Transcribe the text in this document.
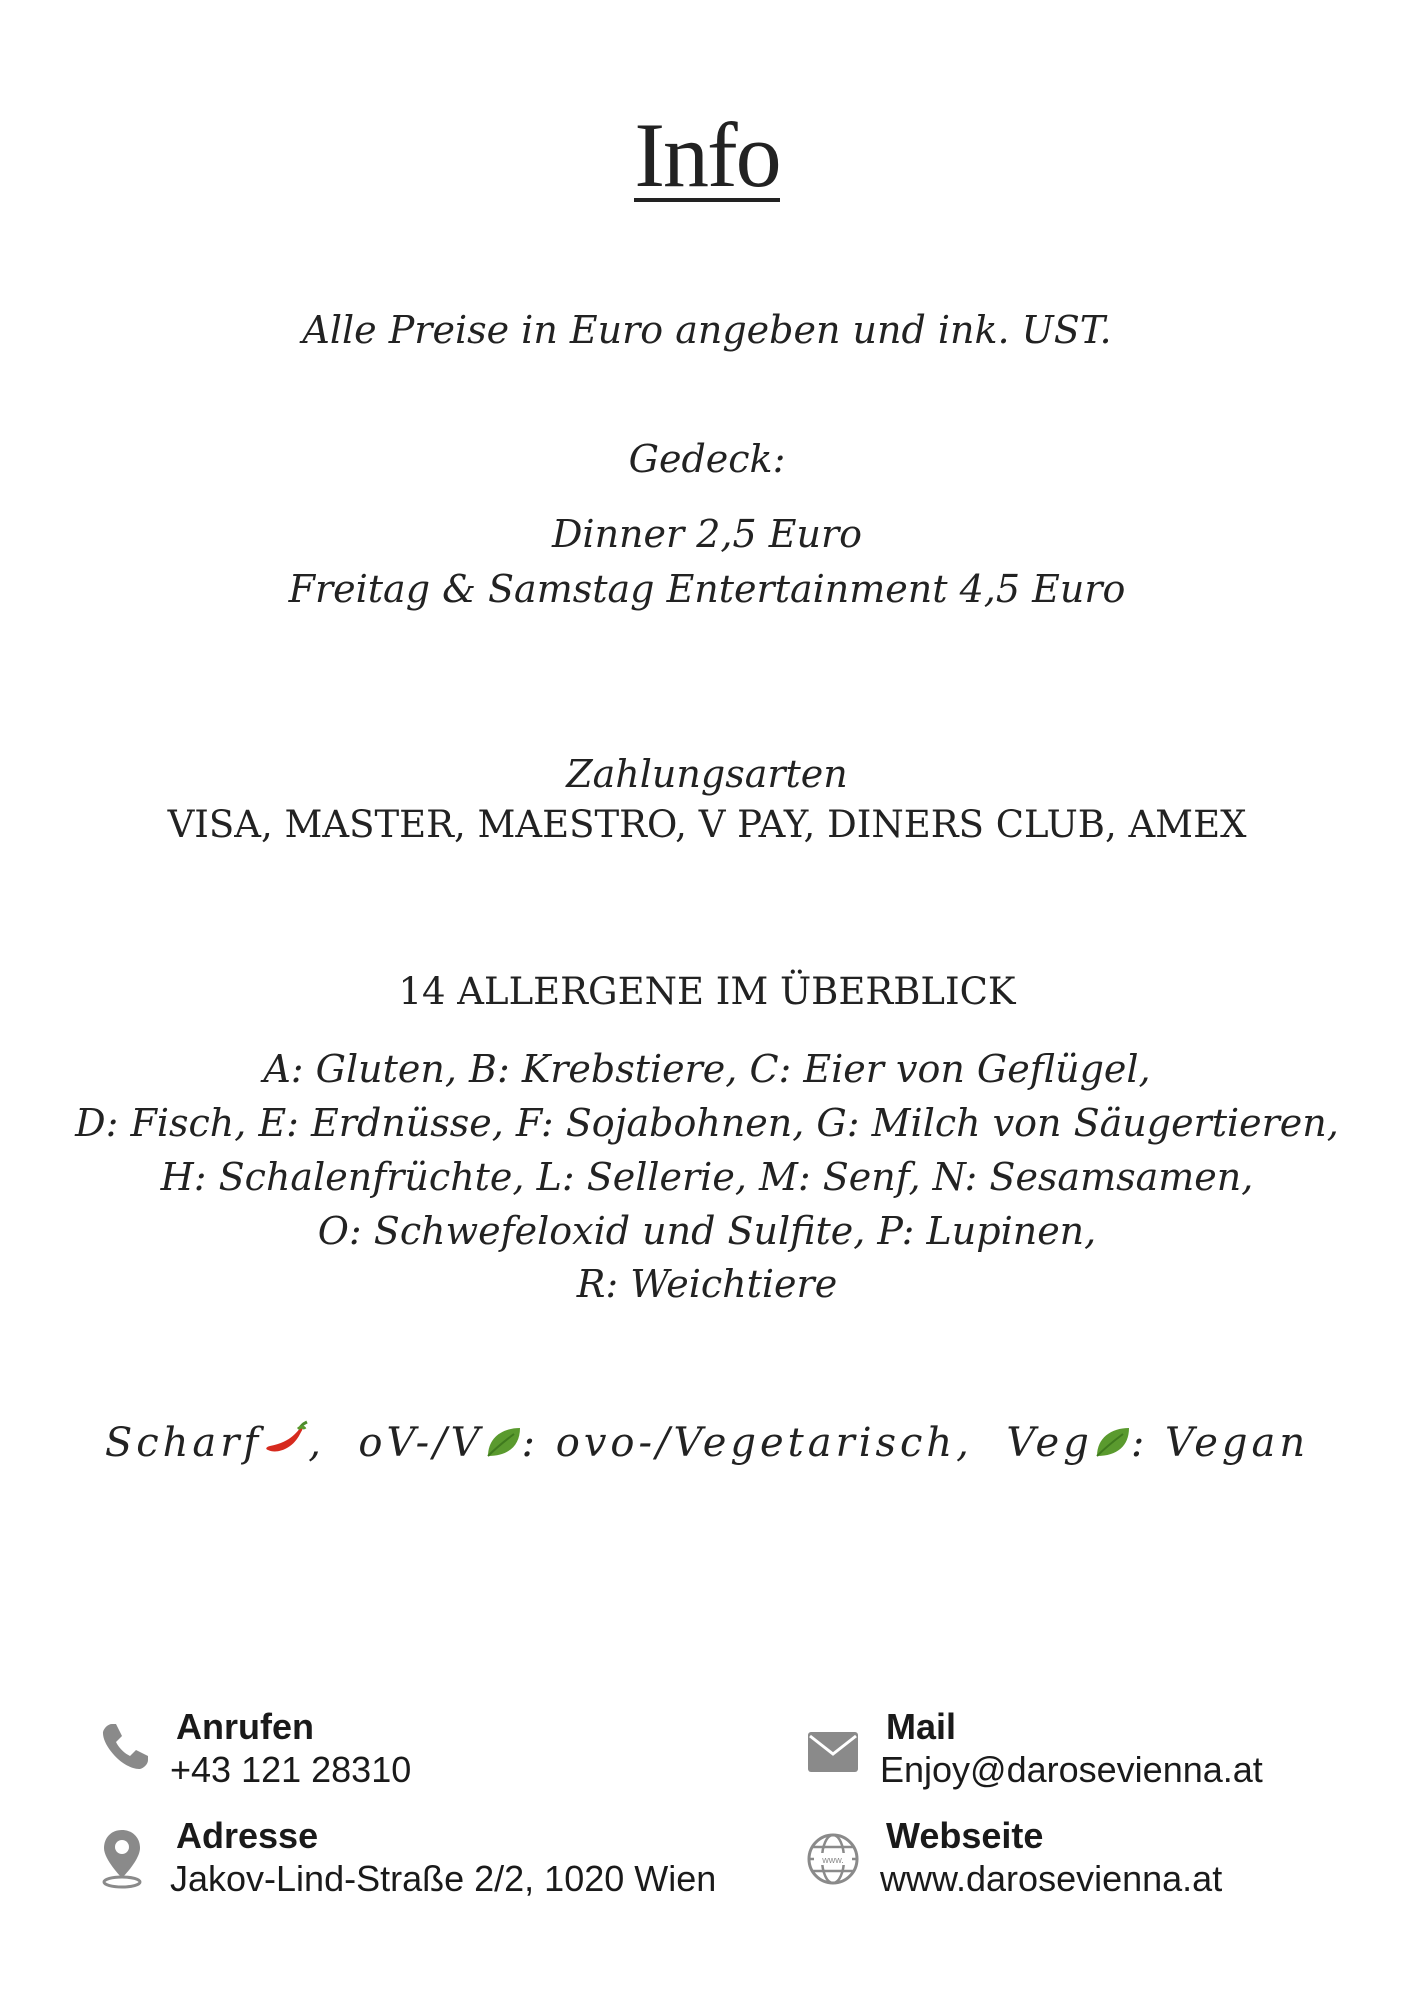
Info
Alle Preise in Euro angeben und ink. UST.
Gedeck:
Dinner 2,5 Euro
Freitag & Samstag Entertainment 4,5 Euro
Zahlungsarten
VISA, MASTER, MAESTRO, V PAY, DINERS CLUB, AMEX
14 ALLERGENE IM ÜBERBLICK
A: Gluten, B: Krebstiere, C: Eier von Geflügel,
D: Fisch, E: Erdnüsse, F: Sojabohnen, G: Milch von Säugertieren,
H: Schalenfrüchte, L: Sellerie, M: Senf, N: Sesamsamen,
O: Schwefeloxid und Sulfite, P: Lupinen,
R: Weichtiere
Scharf , oV-/V : ovo-/Vegetarisch, Veg : Vegan
Anrufen
+43 121 28310
Adresse
Jakov-Lind-Straße 2/2, 1020 Wien
Mail
Enjoy@darosevienna.at
www.
Webseite
www.darosevienna.at
